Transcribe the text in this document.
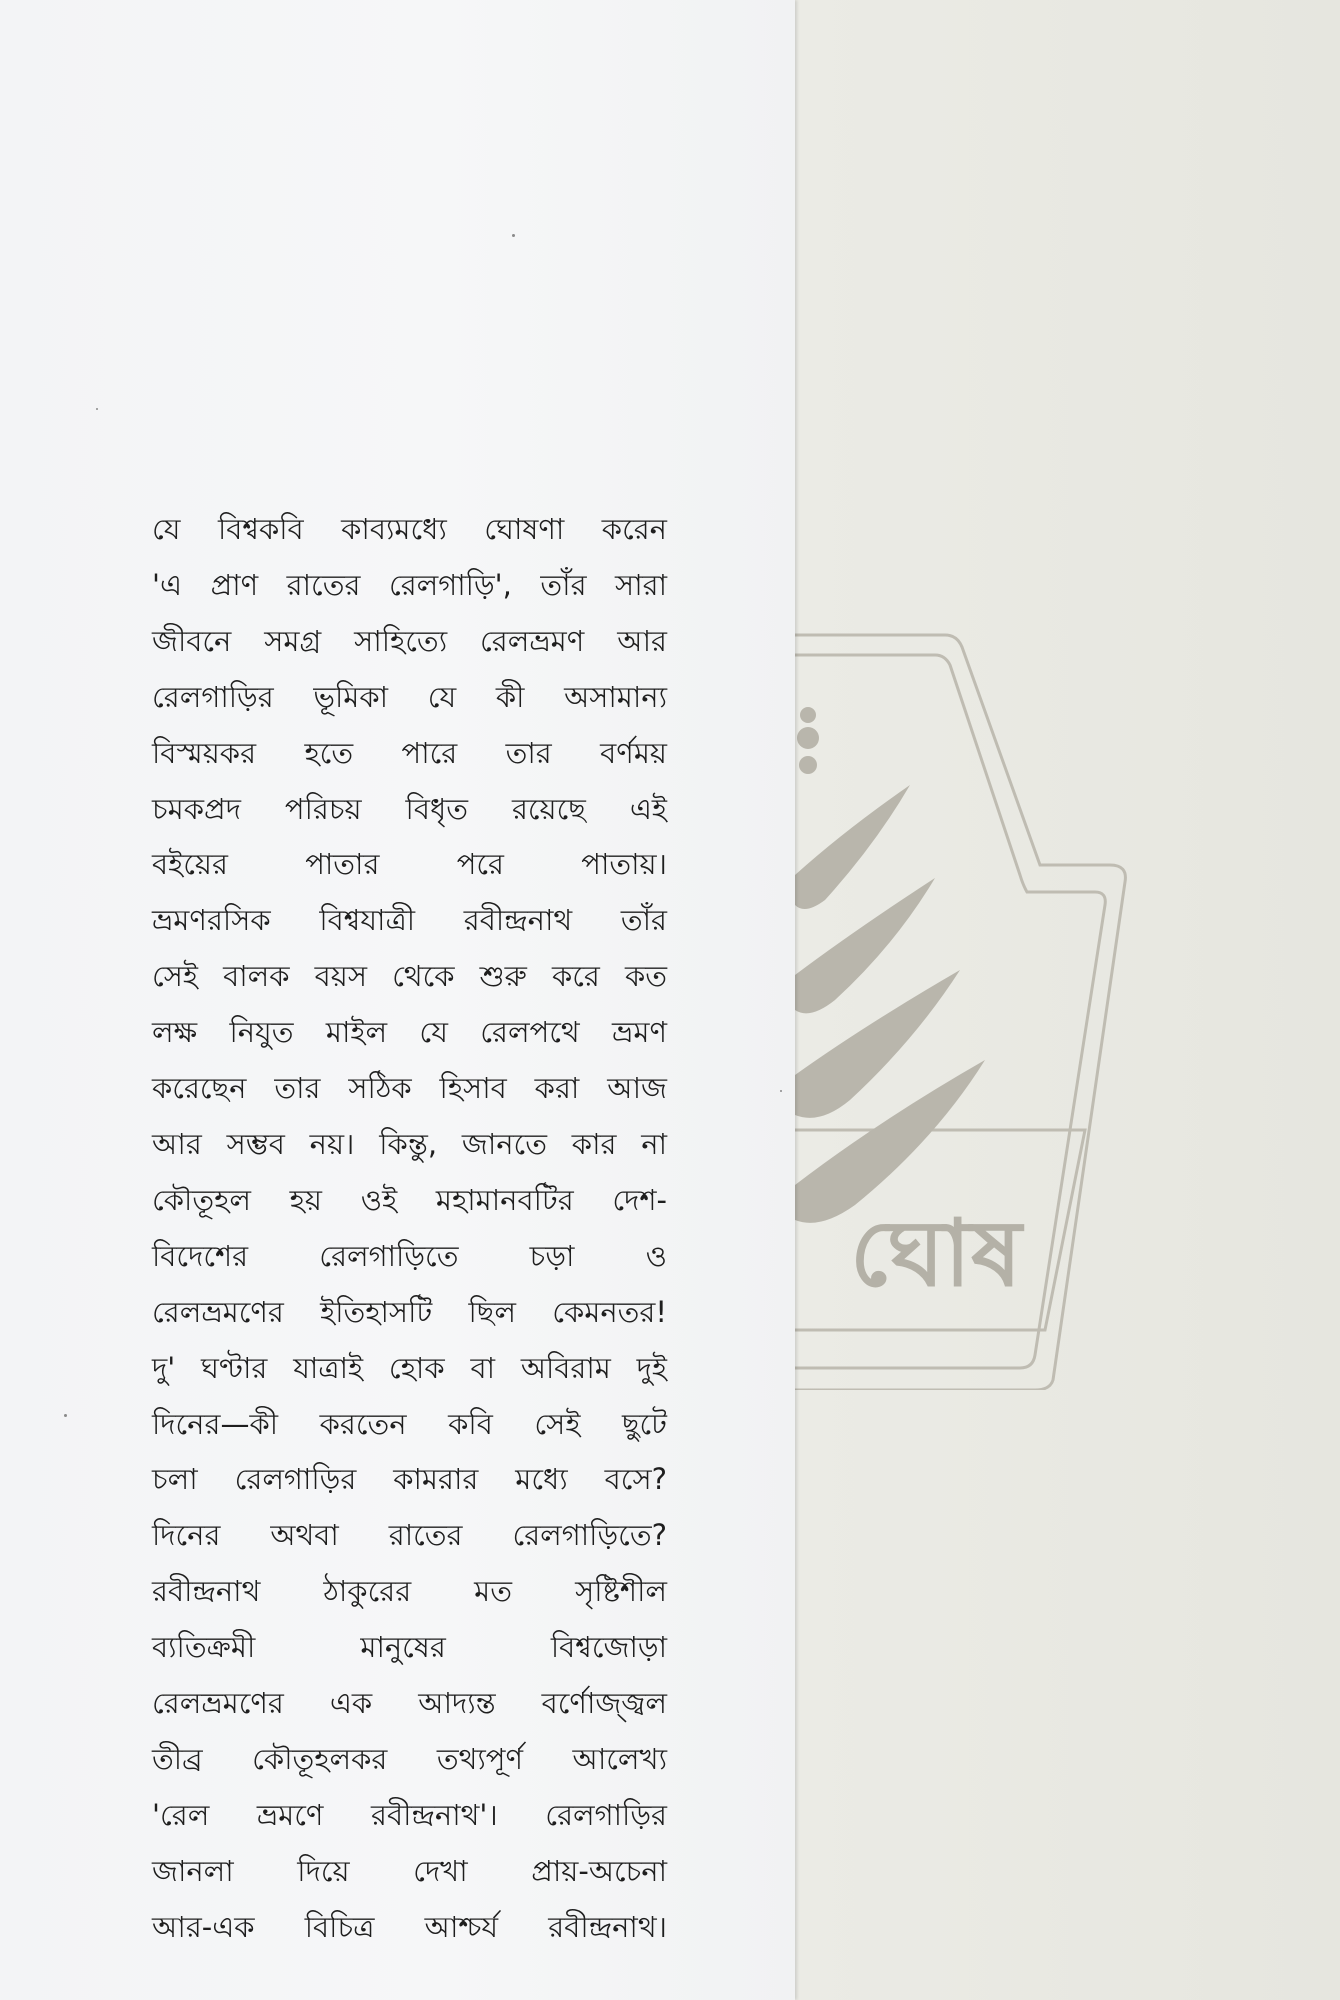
ঘোষ

যে বিশ্বকবি কাব্যমধ্যে ঘোষণা করেন
'এ প্রাণ রাতের রেলগাড়ি', তাঁর সারা
জীবনে সমগ্র সাহিত্যে রেলভ্রমণ আর
রেলগাড়ির ভূমিকা যে কী অসামান্য
বিস্ময়কর হতে পারে তার বর্ণময়
চমকপ্রদ পরিচয় বিধৃত রয়েছে এই
বইয়ের পাতার পরে পাতায়।
ভ্রমণরসিক বিশ্বযাত্রী রবীন্দ্রনাথ তাঁর
সেই বালক বয়স থেকে শুরু করে কত
লক্ষ নিযুত মাইল যে রেলপথে ভ্রমণ
করেছেন তার সঠিক হিসাব করা আজ
আর সম্ভব নয়। কিন্তু, জানতে কার না
কৌতূহল হয় ওই মহামানবটির দেশ-
বিদেশের রেলগাড়িতে চড়া ও
রেলভ্রমণের ইতিহাসটি ছিল কেমনতর!
দু' ঘণ্টার যাত্রাই হোক বা অবিরাম দুই
দিনের—কী করতেন কবি সেই ছুটে
চলা রেলগাড়ির কামরার মধ্যে বসে?
দিনের অথবা রাতের রেলগাড়িতে?
রবীন্দ্রনাথ ঠাকুরের মত সৃষ্টিশীল
ব্যতিক্রমী মানুষের বিশ্বজোড়া
রেলভ্রমণের এক আদ্যন্ত বর্ণোজ্জ্বল
তীব্র কৌতূহলকর তথ্যপূর্ণ আলেখ্য
'রেল ভ্রমণে রবীন্দ্রনাথ'। রেলগাড়ির
জানলা দিয়ে দেখা প্রায়-অচেনা
আর-এক বিচিত্র আশ্চর্য রবীন্দ্রনাথ।
